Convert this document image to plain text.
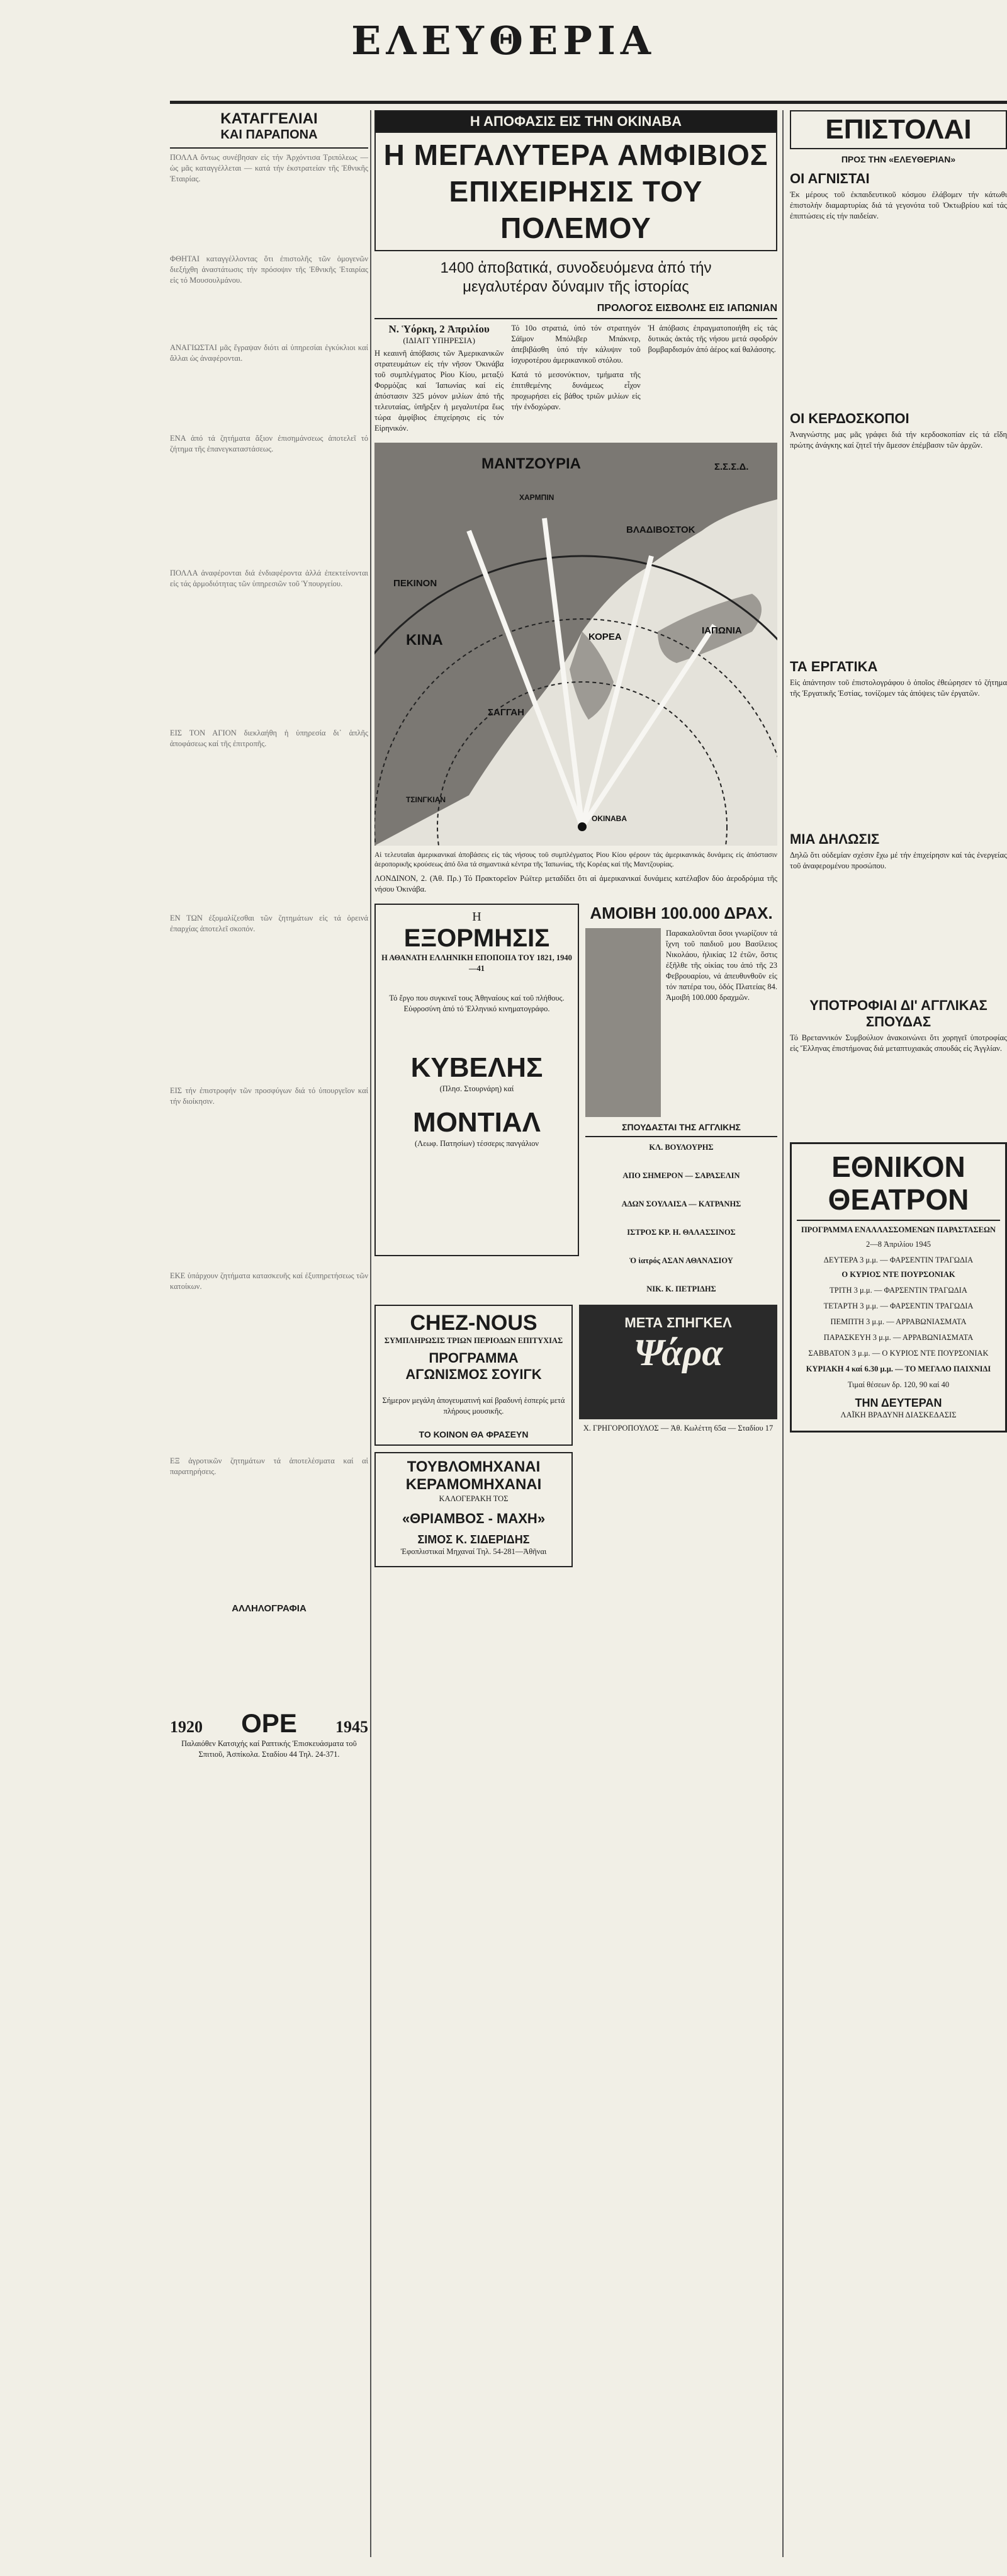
ΕΛΕΥΘΕΡΙΑ
ΚΑΤΑΓΓΕΛΙΑΙ
ΚΑΙ ΠΑΡΑΠΟΝΑ

ΠΟΛΛΑ ὄντως συνέβησαν εἰς τήν Ἀρχόντισα Τριπόλεως — ὡς μᾶς καταγγέλλεται — κατά τήν ἐκστρατείαν τῆς Ἐθνικῆς Ἑταιρίας.

ΦΘΗΤΑΙ καταγγέλλοντας ὅτι ἐπιστολῆς τῶν ὁμογενῶν διεξήχθη ἀναστάτωσις τήν πρόσοψιν τῆς Ἐθνικῆς Ἑταιρίας εἰς τό Μουσουλμάνου.

ΑΝΑΓΙΩΣΤΑΙ μᾶς ἔγραψαν διότι αἱ ὑπηρεσίαι ἐγκύκλιοι καί ἄλλαι ὡς ἀναφέρονται.

ΕΝΑ ἀπό τά ζητήματα ἄξιον ἐπισημάνσεως ἀποτελεῖ τό ζήτημα τῆς ἐπανεγκαταστάσεως.

ΠΟΛΛΑ ἀναφέρονται διά ἐνδιαφέροντα ἀλλά ἐπεκτείνονται εἰς τάς ἀρμοδιότητας τῶν ὑπηρεσιῶν τοῦ Ὑπουργείου.

ΕΙΣ ΤΟΝ ΑΓΙΟΝ διεκλαήθη ἡ ὑπηρεσία δι᾽ ἁπλῆς ἀποφάσεως καί τῆς ἐπιτροπῆς.

ΕΝ ΤΩΝ ἐξομαλίζεσθαι τῶν ζητημάτων εἰς τά ὀρεινά ἐπαρχίας ἀποτελεῖ σκοπόν.

ΕΙΣ τήν ἐπιστροφήν τῶν προσφύγων διά τό ὑπουργεῖον καί τήν διοίκησιν.

ΕΚΕ ὑπάρχουν ζητήματα κατασκευῆς καί ἐξυπηρετήσεως τῶν κατοίκων.

ΕΞ ἀγροτικῶν ζητημάτων τά ἀποτελέσματα καί αἱ παρατηρήσεις.

ΑΛΛΗΛΟΓΡΑΦΙΑ
1920 ΟΡΕ 1945

Παλαιόθεν Κατσιχής καί Ραπτικής Ἐπισκευάσματα τοῦ Σπιτιοῦ, Ἀσπίκολα. Σταδίου 44 Τηλ. 24-371.

Η ΑΠΟΦΑΣΙΣ ΕΙΣ ΤΗΝ ΟΚΙΝΑΒΑ
Η ΜΕΓΑΛΥΤΕΡΑ ΑΜΦΙΒΙΟΣ
ΕΠΙΧΕΙΡΗΣΙΣ ΤΟΥ ΠΟΛΕΜΟΥ
1400 ἀποβατικά, συνοδευόμενα ἀπό τήν μεγαλυτέραν δύναμιν τῆς ἱστορίας
ΠΡΟΛΟΓΟΣ ΕΙΣΒΟΛΗΣ ΕΙΣ ΙΑΠΩΝΙΑΝ
Ν. Ὑόρκη, 2 Ἀπριλίου
(ΙΔΙΑΙΤ ΥΠΗΡΕΣΙΑ)

Η κεαιινῆ ἀπόβασις τῶν Ἀμερικανικῶν στρατευμάτων εἰς τήν νῆσον Ὀκινάβα τοῦ συμπλέγματος Ρἱου Κίου, μεταξύ Φορμόζας καί Ἰαπωνίας καί εἰς ἀπόστασιν 325 μόνον μιλίων ἀπό τῆς τελευταίας, ὑπῆρξεν ἡ μεγαλυτέρα ἕως τώρα ἀμφίβιος ἐπιχείρησις εἰς τόν Εἰρηνικόν.

Τό 10ο στρατιά, ὑπό τόν στρατηγόν Σάϊμον Μπόλιβερ Μπάκνερ, ἀπεβιβάσθη ὑπό τήν κάλυψιν τοῦ ἰσχυροτέρου ἀμερικανικοῦ στόλου.

Κατά τό μεσονύκτιον, τμήματα τῆς ἐπιτιθεμένης δυνάμεως εἶχον προχωρήσει εἰς βάθος τριῶν μιλίων εἰς τήν ἐνδοχώραν.

Ἡ ἀπόβασις ἐπραγματοποιήθη εἰς τάς δυτικάς ἀκτάς τῆς νήσου μετά σφοδρόν βομβαρδισμόν ἀπό ἀέρος καί θαλάσσης.

ΜΑΝΤΖΟΥΡΙΑ	Σ.Σ.Σ.Δ.
ΧΑΡΜΠΙΝ
ΒΛΑΔΙΒΟΣΤΟΚ
ΠΕΚΙΝΟΝ
ΚΙΝΑ	ΚΟΡΕΑ
ΙΑΠΩΝΙΑ
ΣΑΓΓΑΗ
ΤΣΙΝΓΚΙΑΝ
ΟΚΙΝΑΒΑ

Αἱ τελευταῖαι ἀμερικανικαί ἀποβάσεις εἰς τάς νήσους τοῦ συμπλέγματος Ρἱου Κίου φέρουν τάς ἀμερικανικάς δυνάμεις εἰς ἀπόστασιν ἀεροπορικῆς κρούσεως ἀπό ὅλα τά σημαντικά κέντρα τῆς Ἰαπωνίας, τῆς Κορέας καί τῆς Μαντζουρίας.

ΛΟΝΔΙΝΟΝ, 2. (Ἀθ. Πρ.) Τό Πρακτορεῖον Ρώϊτερ μεταδίδει ὅτι αἱ ἀμερικανικαί δυνάμεις κατέλαβον δύο ἀεροδρόμια τῆς νήσου Ὀκινάβα.

Η
ΕΞΟΡΜΗΣΙΣ
Η ΑΘΑΝΑΤΗ ΕΛΛΗΝΙΚΗ ΕΠΟΠΟΙΙΑ ΤΟΥ 1821, 1940—41
Τό ἔργο που συγκινεῖ τους Ἀθηναίους καί τοῦ πλήθους. Εὐφροσύνη ἀπό τό Ἑλληνικό κινηματογράφο.
ΚΥΒΕΛΗΣ
(Πλησ. Στουρνάρη) καί
ΜΟΝΤΙΑΛ
(Λεωφ. Πατησίων) τέσσερις πανγάλιον
ΑΜΟΙΒΗ 100.000 ΔΡΑΧ.

Παρακαλοῦνται ὅσοι γνωρίζουν τά ἴχνη τοῦ παιδιοῦ μου Βασίλειος Νικολάου, ἡλικίας 12 ἐτῶν, ὅστις ἐξῆλθε τῆς οἰκίας του ἀπό τῆς 23 Φεβρουαρίου, νά ἀπευθυνθοῦν εἰς τόν πατέρα του, ὁδός Πλατείας 84. Ἀμοιβή 100.000 δραχμῶν.

ΣΠΟΥΔΑΣΤΑΙ ΤΗΣ ΑΓΓΛΙΚΗΣ
ΚΛ. ΒΟΥΛΟΥΡΗΣ
ΑΠΟ ΣΗΜΕΡΟΝ — ΣΑΡΑΣΕΛΙΝ
ΑΔΩΝ ΣΟΥΛΑΙΣΑ — ΚΑΤΡΑΝΗΣ
ΙΣΤΡΟΣ ΚΡ. Η. ΘΑΛΑΣΣΙΝΟΣ
Ὁ ἰατρός ΑΣΑΝ ΑΘΑΝΑΣΙΟΥ
ΝΙΚ. Κ. ΠΕΤΡΙΔΗΣ
CHEZ-NOUS
ΣΥΜΠΛΗΡΩΣΙΣ ΤΡΙΩΝ ΠΕΡΙΟΔΩΝ ΕΠΙΤΥΧΙΑΣ
ΠΡΟΓΡΑΜΜΑ
ΑΓΩΝΙΣΜΟΣ ΣΟΥΙΓΚ

Σήμερον μεγάλη ἀπογευματινή καί βραδυνή ἑσπερίς μετά πλήρους μουσικῆς.

ΤΟ ΚΟΙΝΟΝ ΘΑ ΦΡΑΣΕΥΝ
ΤΟΥΒΛΟΜΗΧΑΝΑΙ
ΚΕΡΑΜΟΜΗΧΑΝΑΙ
ΚΑΛΟΓΕΡΑΚΗ ΤΟΣ
«ΘΡΙΑΜΒΟΣ - ΜΑΧΗ»
ΣΙΜΟΣ Κ. ΣΙΔΕΡΙΔΗΣ
Ἐφοπλιστικαί Μηχαναί Τηλ. 54-281—Ἀθῆναι
ΜΕΤΑ ΣΠΗΓΚΕΛ
Ψάρα

Χ. ΓΡΗΓΟΡΟΠΟΥΛΟΣ — Ἀθ. Κωλέττη 65α — Σταδίου 17

ΕΠΙΣΤΟΛΑΙ
ΠΡΟΣ ΤΗΝ «ΕΛΕΥΘΕΡΙΑΝ»
ΟΙ ΑΓΝΙΣΤΑΙ

Ἐκ μέρους τοῦ ἐκπαιδευτικοῦ κόσμου ἐλάβομεν τήν κάτωθι ἐπιστολήν διαμαρτυρίας διά τά γεγονότα τοῦ Ὀκτωβρίου καί τάς ἐπιπτώσεις εἰς τήν παιδείαν.

ΟΙ ΚΕΡΔΟΣΚΟΠΟΙ

Ἀναγνώστης μας μᾶς γράφει διά τήν κερδοσκοπίαν εἰς τά εἴδη πρώτης ἀνάγκης καί ζητεῖ τήν ἄμεσον ἐπέμβασιν τῶν ἀρχῶν.

ΤΑ ΕΡΓΑΤΙΚΑ

Εἰς ἀπάντησιν τοῦ ἐπιστολογράφου ὁ ὁποῖος ἐθεώρησεν τό ζήτημα τῆς Ἐργατικῆς Ἑστίας, τονίζομεν τάς ἀπόψεις τῶν ἐργατῶν.

ΜΙΑ ΔΗΛΩΣΙΣ

Δηλῶ ὅτι οὐδεμίαν σχέσιν ἔχω μέ τήν ἐπιχείρησιν καί τάς ἐνεργείας τοῦ ἀναφερομένου προσώπου.

ΥΠΟΤΡΟΦΙΑΙ ΔΙ' ΑΓΓΛΙΚΑΣ ΣΠΟΥΔΑΣ

Τό Βρεταννικόν Συμβούλιον ἀνακοινώνει ὅτι χορηγεῖ ὑποτροφίας εἰς Ἕλληνας ἐπιστήμονας διά μεταπτυχιακάς σπουδάς εἰς Ἀγγλίαν.

ΕΘΝΙΚΟΝ
ΘΕΑΤΡΟΝ
ΠΡΟΓΡΑΜΜΑ ΕΝΑΛΛΑΣΣΟΜΕΝΩΝ ΠΑΡΑΣΤΑΣΕΩΝ
2—8 Ἀπριλίου 1945
ΔΕΥΤΕΡΑ 3 μ.μ. — ΦΑΡΣΕΝΤΙΝ ΤΡΑΓΩΔΙΑ
Ο ΚΥΡΙΟΣ ΝΤΕ ΠΟΥΡΣΟΝΙΑΚ
ΤΡΙΤΗ 3 μ.μ. — ΦΑΡΣΕΝΤΙΝ ΤΡΑΓΩΔΙΑ
ΤΕΤΑΡΤΗ 3 μ.μ. — ΦΑΡΣΕΝΤΙΝ ΤΡΑΓΩΔΙΑ
ΠΕΜΠΤΗ 3 μ.μ. — ΑΡΡΑΒΩΝΙΑΣΜΑΤΑ
ΠΑΡΑΣΚΕΥΗ 3 μ.μ. — ΑΡΡΑΒΩΝΙΑΣΜΑΤΑ
ΣΑΒΒΑΤΟΝ 3 μ.μ. — Ο ΚΥΡΙΟΣ ΝΤΕ ΠΟΥΡΣΟΝΙΑΚ
ΚΥΡΙΑΚΗ 4 καί 6.30 μ.μ. — ΤΟ ΜΕΓΑΛΟ ΠΑΙΧΝΙΔΙ
Τιμαί θέσεων δρ. 120, 90 καί 40
ΤΗΝ ΔΕΥΤΕΡΑΝ
ΛΑΪΚΗ ΒΡΑΔΥΝΗ ΔΙΑΣΚΕΔΑΣΙΣ
